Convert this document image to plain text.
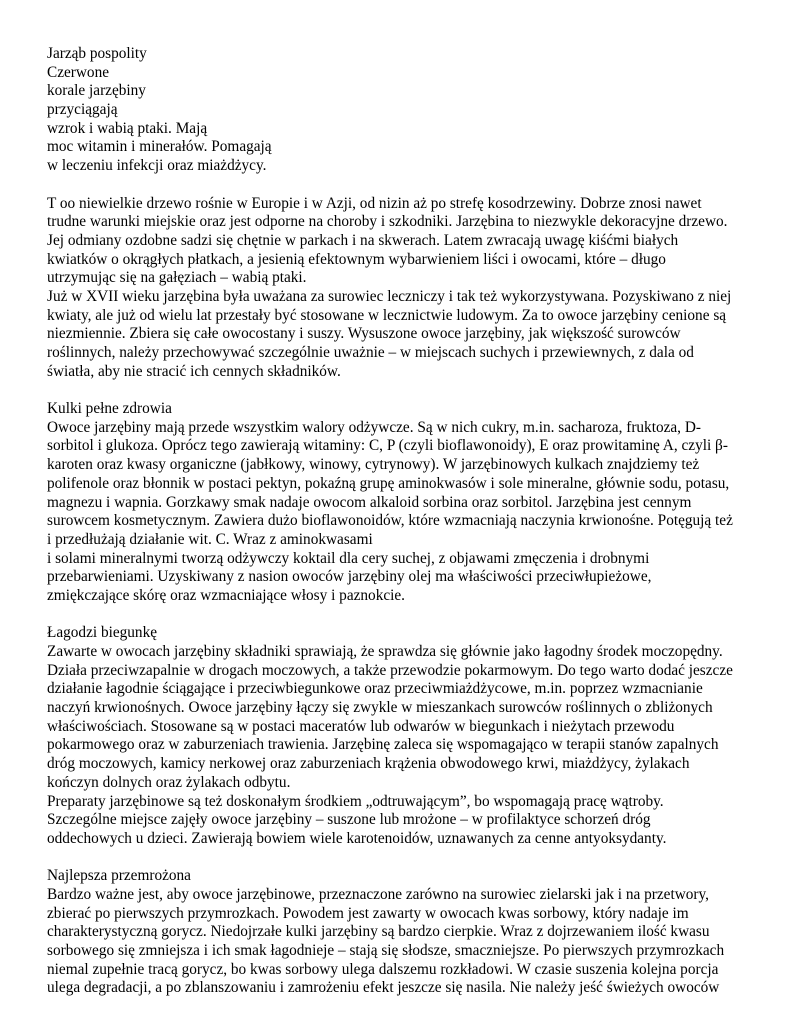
Jarząb pospolity
Czerwone
korale jarzębiny
przyciągają
wzrok i wabią ptaki. Mają
moc witamin i minerałów. Pomagają
w leczeniu infekcji oraz miażdżycy.
T oo niewielkie drzewo rośnie w Europie i w Azji, od nizin aż po strefę kosodrzewiny. Dobrze znosi nawet
trudne warunki miejskie oraz jest odporne na choroby i szkodniki. Jarzębina to niezwykle dekoracyjne drzewo.
Jej odmiany ozdobne sadzi się chętnie w parkach i na skwerach. Latem zwracają uwagę kiśćmi białych
kwiatków o okrągłych płatkach, a jesienią efektownym wybarwieniem liści i owocami, które – długo
utrzymując się na gałęziach – wabią ptaki.
Już w XVII wieku jarzębina była uważana za surowiec leczniczy i tak też wykorzystywana. Pozyskiwano z niej
kwiaty, ale już od wielu lat przestały być stosowane w lecznictwie ludowym. Za to owoce jarzębiny cenione są
niezmiennie. Zbiera się całe owocostany i suszy. Wysuszone owoce jarzębiny, jak większość surowców
roślinnych, należy przechowywać szczególnie uważnie – w miejscach suchych i przewiewnych, z dala od
światła, aby nie stracić ich cennych składników.
Kulki pełne zdrowia
Owoce jarzębiny mają przede wszystkim walory odżywcze. Są w nich cukry, m.in. sacharoza, fruktoza, D-
sorbitol i glukoza. Oprócz tego zawierają witaminy: C, P (czyli bioflawonoidy), E oraz prowitaminę A, czyli β-
karoten oraz kwasy organiczne (jabłkowy, winowy, cytrynowy). W jarzębinowych kulkach znajdziemy też
polifenole oraz błonnik w postaci pektyn, pokaźną grupę aminokwasów i sole mineralne, głównie sodu, potasu,
magnezu i wapnia. Gorzkawy smak nadaje owocom alkaloid sorbina oraz sorbitol. Jarzębina jest cennym
surowcem kosmetycznym. Zawiera dużo bioflawonoidów, które wzmacniają naczynia krwionośne. Potęgują też
i przedłużają działanie wit. C. Wraz z aminokwasami
i solami mineralnymi tworzą odżywczy koktail dla cery suchej, z objawami zmęczenia i drobnymi
przebarwieniami. Uzyskiwany z nasion owoców jarzębiny olej ma właściwości przeciwłupieżowe,
zmiękczające skórę oraz wzmacniające włosy i paznokcie.
Łagodzi biegunkę
Zawarte w owocach jarzębiny składniki sprawiają, że sprawdza się głównie jako łagodny środek moczopędny.
Działa przeciwzapalnie w drogach moczowych, a także przewodzie pokarmowym. Do tego warto dodać jeszcze
działanie łagodnie ściągające i przeciwbiegunkowe oraz przeciwmiażdżycowe, m.in. poprzez wzmacnianie
naczyń krwionośnych. Owoce jarzębiny łączy się zwykle w mieszankach surowców roślinnych o zbliżonych
właściwościach. Stosowane są w postaci maceratów lub odwarów w biegunkach i nieżytach przewodu
pokarmowego oraz w zaburzeniach trawienia. Jarzębinę zaleca się wspomagająco w terapii stanów zapalnych
dróg moczowych, kamicy nerkowej oraz zaburzeniach krążenia obwodowego krwi, miażdżycy, żylakach
kończyn dolnych oraz żylakach odbytu.
Preparaty jarzębinowe są też doskonałym środkiem „odtruwającym”, bo wspomagają pracę wątroby.
Szczególne miejsce zajęły owoce jarzębiny – suszone lub mrożone – w profilaktyce schorzeń dróg
oddechowych u dzieci. Zawierają bowiem wiele karotenoidów, uznawanych za cenne antyoksydanty.
Najlepsza przemrożona
Bardzo ważne jest, aby owoce jarzębinowe, przeznaczone zarówno na surowiec zielarski jak i na przetwory,
zbierać po pierwszych przymrozkach. Powodem jest zawarty w owocach kwas sorbowy, który nadaje im
charakterystyczną gorycz. Niedojrzałe kulki jarzębiny są bardzo cierpkie. Wraz z dojrzewaniem ilość kwasu
sorbowego się zmniejsza i ich smak łagodnieje – stają się słodsze, smaczniejsze. Po pierwszych przymrozkach
niemal zupełnie tracą gorycz, bo kwas sorbowy ulega dalszemu rozkładowi. W czasie suszenia kolejna porcja
ulega degradacji, a po zblanszowaniu i zamrożeniu efekt jeszcze się nasila. Nie należy jeść świeżych owoców
